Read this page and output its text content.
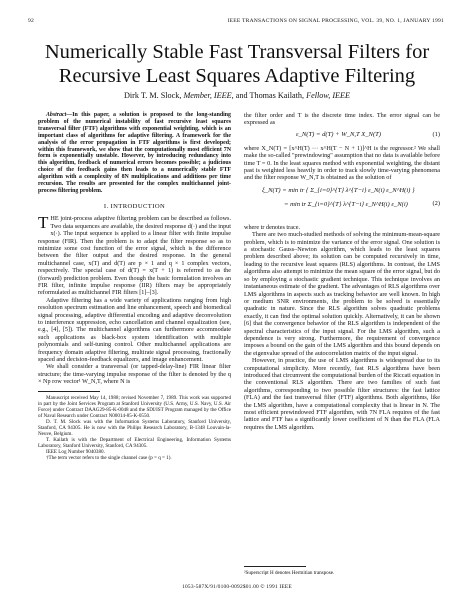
92	IEEE TRANSACTIONS ON SIGNAL PROCESSING, VOL. 39, NO. 1, JANUARY 1991
Numerically Stable Fast Transversal Filters for
Recursive Least Squares Adaptive Filtering
Dirk T. M. Slock, Member, IEEE, and Thomas Kailath, Fellow, IEEE

Abstract—In this paper, a solution is proposed to the long-standing problem of the numerical instability of fast recursive least squares transversal filter (FTF) algorithms with exponential weighting, which is an important class of algorithms for adaptive filtering. A framework for the analysis of the error propagation in FTF algorithms is first developed; within this framework, we show that the computationally most efficient 7N form is exponentially unstable. However, by introducing redundancy into this algorithm, feedback of numerical errors becomes possible; a judicious choice of the feedback gains then leads to a numerically stable FTF algorithm with a complexity of 8N multiplications and additions per time recursion. The results are presented for the complex multichannel joint-process filtering problem.

I. INTRODUCTION

THE joint-process adaptive filtering problem can be described as follows. Two data sequences are available, the desired response d(·) and the input x(·). The input sequence is applied to a linear filter with finite impulse response (FIR). Then the problem is to adapt the filter response so as to minimize some cost function of the error signal, which is the difference between the filter output and the desired response. In the general multichannel case, x(T) and d(T) are p × 1 and q × 1 complex vectors, respectively. The special case of d(T) = x(T + 1) is referred to as the (forward) prediction problem. Even though the basic formulation involves an FIR filter, infinite impulse response (IIR) filters may be appropriately reformulated as multichannel FIR filters [1]–[3].

Adaptive filtering has a wide variety of applications ranging from high resolution spectrum estimation and line enhancement, speech and biomedical signal processing, adaptive differential encoding and adaptive deconvolution to interference suppression, echo cancellation and channel equalization (see, e.g., [4], [5]). The multichannel algorithms can furthermore accommodate such applications as black-box system identification with multiple polynomials and self-tuning control. Other multichannel applications are frequency domain adaptive filtering, multirate signal processing, fractionally spaced and decision-feedback equalizers, and image enhancement.

We shall consider a transversal (or tapped-delay-line) FIR linear filter structure; the time-varying impulse response of the filter is denoted by the q × Np row vector¹ W_N,T, where N is

Manuscript received May 14, 1988; revised November 7, 1989. This work was supported in part by the Joint Services Program at Stanford University (U.S. Army, U.S. Navy, U.S. Air Force) under Contract DAAG29-85-K-0048 and the SDI/IST Program managed by the Office of Naval Research under Contract N00014-85-K-0550.

D. T. M. Slock was with the Information Systems Laboratory, Stanford University, Stanford, CA 94305. He is now with the Philips Research Laboratory, B-1348 Louvain-la-Neuve, Belgium.

T. Kailath is with the Department of Electrical Engineering, Information Systems Laboratory, Stanford University, Stanford, CA 94305.

IEEE Log Number 9040380.

†The term vector refers to the single channel case (p = q = 1).

the filter order and T is the discrete time index. The error signal can be expressed as

ε_N(T) = d(T) + W_N,T X_N(T)	(1)

where X_N(T) = [x^H(T) ··· x^H(T − N + 1)]^H is the regressor.² We shall make the so-called "prewindowing" assumption that no data is available before time T = 0. In the least squares method with exponential weighting, the distant past is weighted less heavily in order to track slowly time-varying phenomena and the filter response W_N,T is obtained as the solution of

ξ_N(T) = min tr { Σ_{i=0}^{T} λ^{T−i} ε_N(i) ε_N^H(i) }
= min tr Σ_{i=0}^{T} λ^{T−i} ε_N^H(i) ε_N(i)	(2)

where tr denotes trace.

There are two much-studied methods of solving the minimum-mean-square problem, which is to minimize the variance of the error signal. One solution is a stochastic Gauss–Newton algorithm, which leads to the least squares problem described above; its solution can be computed recursively in time, leading to the recursive least squares (RLS) algorithms. In contrast, the LMS algorithms also attempt to minimize the mean square of the error signal, but do so by employing a stochastic gradient technique. This technique involves an instantaneous estimate of the gradient. The advantages of RLS algorithms over LMS algorithms in aspects such as tracking behavior are well known. In high or medium SNR environments, the problem to be solved is essentially quadratic in nature. Since the RLS algorithm solves quadratic problems exactly, it can find the optimal solution quickly. Alternatively, it can be shown [6] that the convergence behavior of the RLS algorithm is independent of the spectral characteristics of the input signal. For the LMS algorithm, such a dependence is very strong. Furthermore, the requirement of convergence imposes a bound on the gain of the LMS algorithm and this bound depends on the eigenvalue spread of the autocorrelation matrix of the input signal.

However, in practice, the use of LMS algorithms is widespread due to its computational simplicity. More recently, fast RLS algorithms have been introduced that circumvent the computational burden of the Riccati equation in the conventional RLS algorithm. There are two families of such fast algorithms, corresponding to two possible filter structures: the fast lattice (FLA) and the fast transversal filter (FTF) algorithms. Both algorithms, like the LMS algorithm, have a computational complexity that is linear in N. The most efficient prewindowed FTF algorithm, with 7N FLA requires of the fast lattice and FTF has a significantly lower coefficient of N than the FLA (FLA requires the LMS algorithm.

²Superscript H denotes Hermitian transpose.
1053-587X/91/0100-0092$01.00 © 1991 IEEE
